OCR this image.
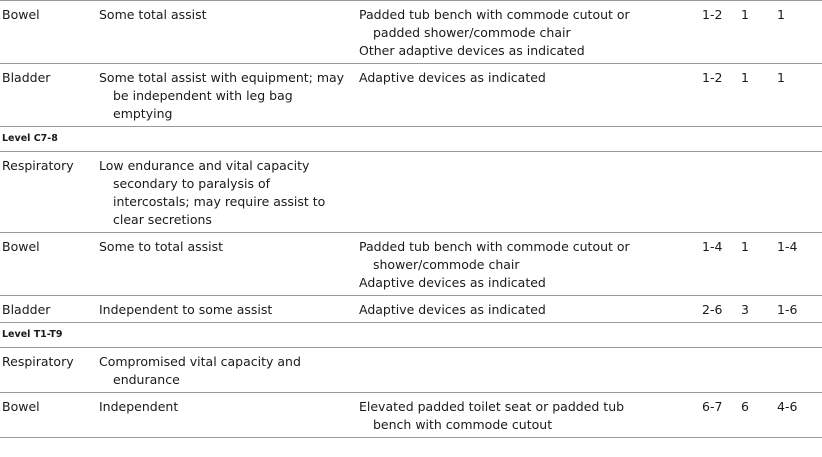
Bowel	Some total assist	Padded tub bench with commode cutout or
padded shower/commode chair
Other adaptive devices as indicated	1-2	1	1
Bladder	Some total assist with equipment; may
be independent with leg bag
emptying	Adaptive devices as indicated	1-2	1	1
Level C7-8					
Respiratory	Low endurance and vital capacity
secondary to paralysis of
intercostals; may require assist to
clear secretions				

Bowel	Some to total assist	Padded tub bench with commode cutout or
shower/commode chair
Adaptive devices as indicated	1-4	1	1-4
Bladder	Independent to some assist	Adaptive devices as indicated	2-6	3	1-6
Level T1-T9					
Respiratory	Compromised vital capacity and
endurance				

Bowel	Independent	Elevated padded toilet seat or padded tub
bench with commode cutout	6-7	6	4-6
